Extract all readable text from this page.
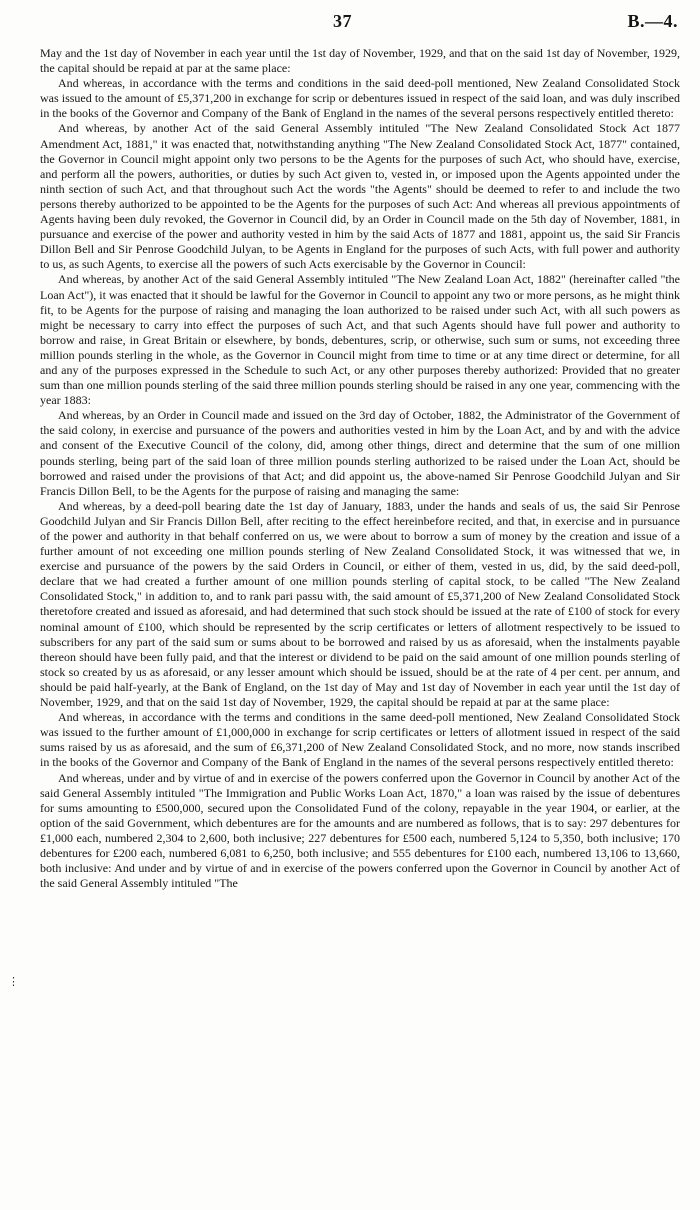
37	B.—4.
⋮

May and the 1st day of November in each year until the 1st day of November, 1929, and that on the said 1st day of November, 1929, the capital should be repaid at par at the same place:

And whereas, in accordance with the terms and conditions in the said deed-poll mentioned, New Zealand Consolidated Stock was issued to the amount of £5,371,200 in exchange for scrip or debentures issued in respect of the said loan, and was duly inscribed in the books of the Governor and Company of the Bank of England in the names of the several persons respectively entitled thereto:

And whereas, by another Act of the said General Assembly intituled "The New Zealand Consolidated Stock Act 1877 Amendment Act, 1881," it was enacted that, notwithstanding anything "The New Zealand Consolidated Stock Act, 1877" contained, the Governor in Council might appoint only two persons to be the Agents for the purposes of such Act, who should have, exercise, and perform all the powers, authorities, or duties by such Act given to, vested in, or imposed upon the Agents appointed under the ninth section of such Act, and that throughout such Act the words "the Agents" should be deemed to refer to and include the two persons thereby authorized to be appointed to be the Agents for the purposes of such Act: And whereas all previous appointments of Agents having been duly revoked, the Governor in Council did, by an Order in Council made on the 5th day of November, 1881, in pursuance and exercise of the power and authority vested in him by the said Acts of 1877 and 1881, appoint us, the said Sir Francis Dillon Bell and Sir Penrose Goodchild Julyan, to be Agents in England for the purposes of such Acts, with full power and authority to us, as such Agents, to exercise all the powers of such Acts exercisable by the Governor in Council:

And whereas, by another Act of the said General Assembly intituled "The New Zealand Loan Act, 1882" (hereinafter called "the Loan Act"), it was enacted that it should be lawful for the Governor in Council to appoint any two or more persons, as he might think fit, to be Agents for the purpose of raising and managing the loan authorized to be raised under such Act, with all such powers as might be necessary to carry into effect the purposes of such Act, and that such Agents should have full power and authority to borrow and raise, in Great Britain or elsewhere, by bonds, debentures, scrip, or otherwise, such sum or sums, not exceeding three million pounds sterling in the whole, as the Governor in Council might from time to time or at any time direct or determine, for all and any of the purposes expressed in the Schedule to such Act, or any other purposes thereby authorized: Provided that no greater sum than one million pounds sterling of the said three million pounds sterling should be raised in any one year, commencing with the year 1883:

And whereas, by an Order in Council made and issued on the 3rd day of October, 1882, the Administrator of the Government of the said colony, in exercise and pursuance of the powers and authorities vested in him by the Loan Act, and by and with the advice and consent of the Executive Council of the colony, did, among other things, direct and determine that the sum of one million pounds sterling, being part of the said loan of three million pounds sterling authorized to be raised under the Loan Act, should be borrowed and raised under the provisions of that Act; and did appoint us, the above-named Sir Penrose Goodchild Julyan and Sir Francis Dillon Bell, to be the Agents for the purpose of raising and managing the same:

And whereas, by a deed-poll bearing date the 1st day of January, 1883, under the hands and seals of us, the said Sir Penrose Goodchild Julyan and Sir Francis Dillon Bell, after reciting to the effect hereinbefore recited, and that, in exercise and in pursuance of the power and authority in that behalf conferred on us, we were about to borrow a sum of money by the creation and issue of a further amount of not exceeding one million pounds sterling of New Zealand Consolidated Stock, it was witnessed that we, in exercise and pursuance of the powers by the said Orders in Council, or either of them, vested in us, did, by the said deed-poll, declare that we had created a further amount of one million pounds sterling of capital stock, to be called "The New Zealand Consolidated Stock," in addition to, and to rank pari passu with, the said amount of £5,371,200 of New Zealand Consolidated Stock theretofore created and issued as aforesaid, and had determined that such stock should be issued at the rate of £100 of stock for every nominal amount of £100, which should be represented by the scrip certificates or letters of allotment respectively to be issued to subscribers for any part of the said sum or sums about to be borrowed and raised by us as aforesaid, when the instalments payable thereon should have been fully paid, and that the interest or dividend to be paid on the said amount of one million pounds sterling of stock so created by us as aforesaid, or any lesser amount which should be issued, should be at the rate of 4 per cent. per annum, and should be paid half-yearly, at the Bank of England, on the 1st day of May and 1st day of November in each year until the 1st day of November, 1929, and that on the said 1st day of November, 1929, the capital should be repaid at par at the same place:

And whereas, in accordance with the terms and conditions in the same deed-poll mentioned, New Zealand Consolidated Stock was issued to the further amount of £1,000,000 in exchange for scrip certificates or letters of allotment issued in respect of the said sums raised by us as aforesaid, and the sum of £6,371,200 of New Zealand Consolidated Stock, and no more, now stands inscribed in the books of the Governor and Company of the Bank of England in the names of the several persons respectively entitled thereto:

And whereas, under and by virtue of and in exercise of the powers conferred upon the Governor in Council by another Act of the said General Assembly intituled "The Immigration and Public Works Loan Act, 1870," a loan was raised by the issue of debentures for sums amounting to £500,000, secured upon the Consolidated Fund of the colony, repayable in the year 1904, or earlier, at the option of the said Government, which debentures are for the amounts and are numbered as follows, that is to say: 297 debentures for £1,000 each, numbered 2,304 to 2,600, both inclusive; 227 debentures for £500 each, numbered 5,124 to 5,350, both inclusive; 170 debentures for £200 each, numbered 6,081 to 6,250, both inclusive; and 555 debentures for £100 each, numbered 13,106 to 13,660, both inclusive: And under and by virtue of and in exercise of the powers conferred upon the Governor in Council by another Act of the said General Assembly intituled "The
